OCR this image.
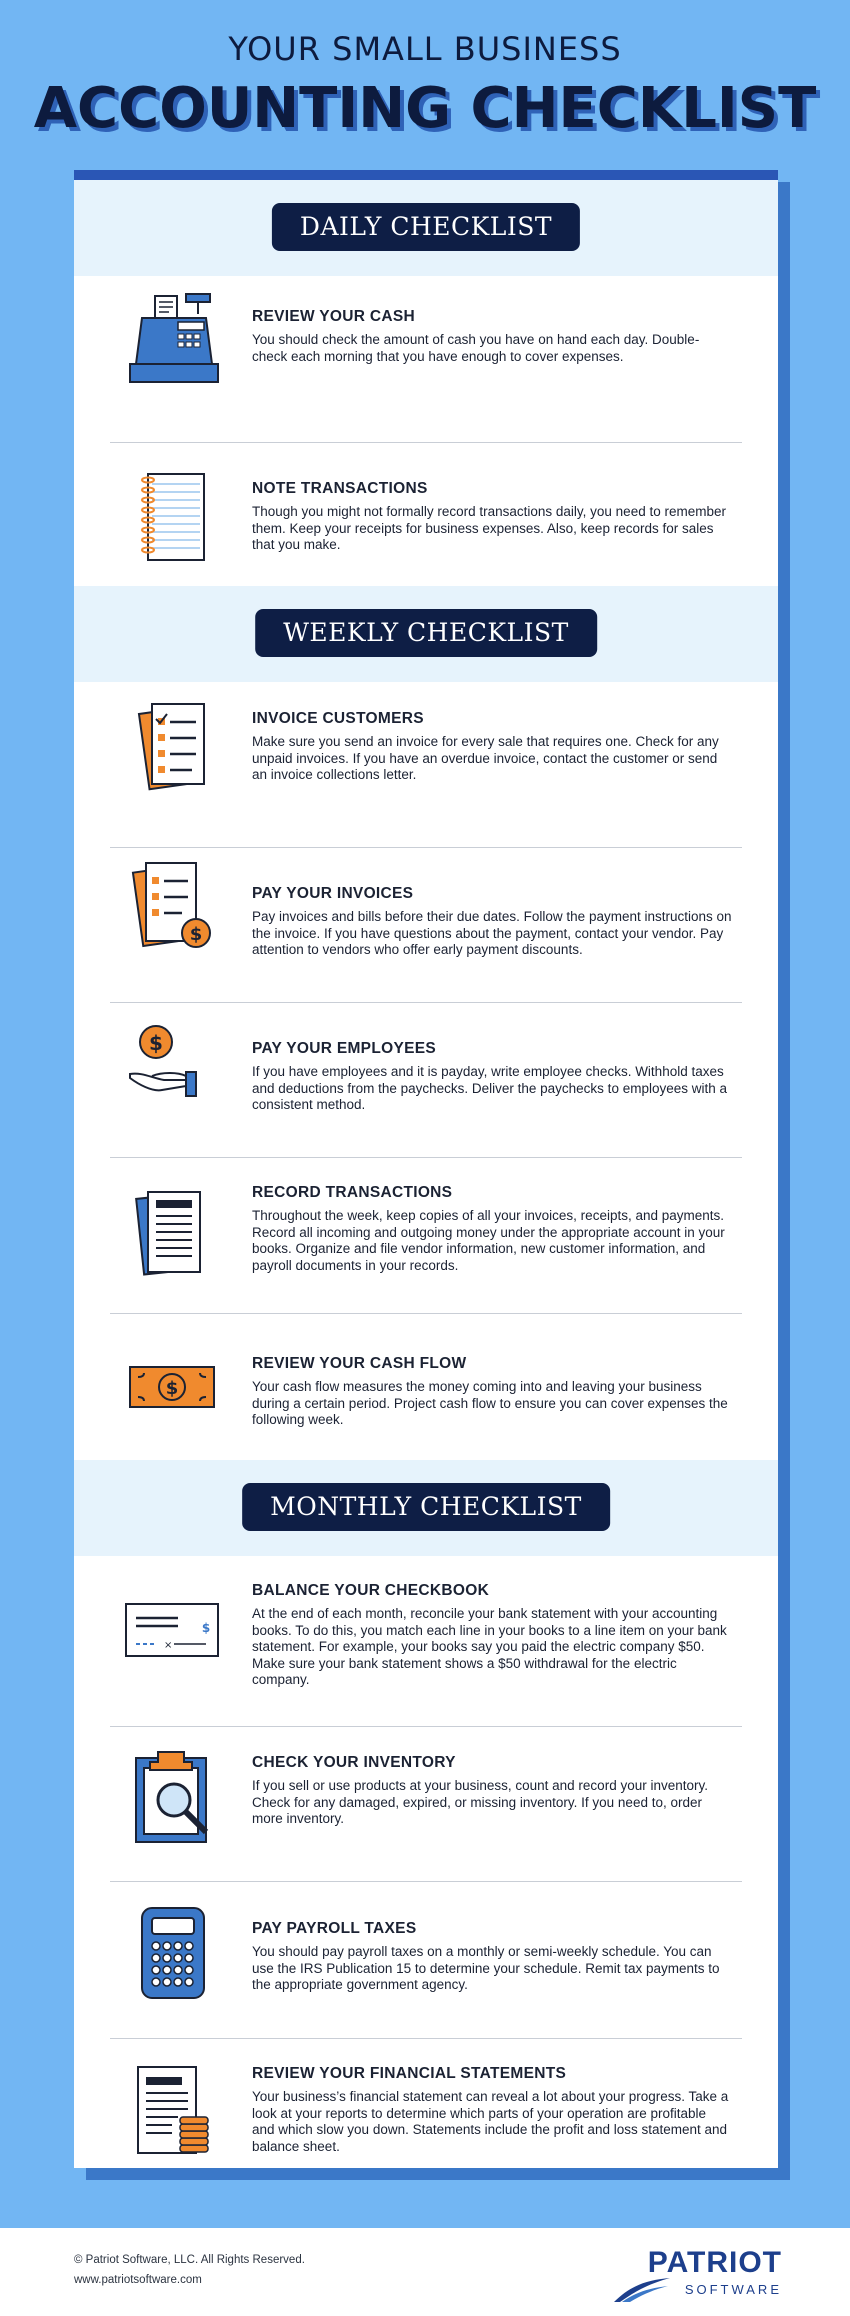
YOUR SMALL BUSINESS
ACCOUNTING CHECKLIST
DAILY CHECKLIST
REVIEW YOUR CASH

You should check the amount of cash you have on hand each day. Double-check each morning that you have enough to cover expenses.

NOTE TRANSACTIONS

Though you might not formally record transactions daily, you need to remember them. Keep your receipts for business expenses. Also, keep records for sales that you make.

WEEKLY CHECKLIST
INVOICE CUSTOMERS

Make sure you send an invoice for every sale that requires one. Check for any unpaid invoices. If you have an overdue invoice, contact the customer or send an invoice collections letter.

$
PAY YOUR INVOICES

Pay invoices and bills before their due dates. Follow the payment instructions on the invoice. If you have questions about the payment, contact your vendor. Pay attention to vendors who offer early payment discounts.

$	PAY YOUR EMPLOYEES

If you have employees and it is payday, write employee checks. Withhold taxes and deductions from the paychecks. Deliver the paychecks to employees with a consistent method.

RECORD TRANSACTIONS

Throughout the week, keep copies of all your invoices, receipts, and payments. Record all incoming and outgoing money under the appropriate account in your books. Organize and file vendor information, new customer information, and payroll documents in your records.

$
REVIEW YOUR CASH FLOW

Your cash flow measures the money coming into and leaving your business during a certain period. Project cash flow to ensure you can cover expenses the following week.

MONTHLY CHECKLIST
$
×
BALANCE YOUR CHECKBOOK

At the end of each month, reconcile your bank statement with your accounting books. To do this, you match each line in your books to a line item on your bank statement. For example, your books say you paid the electric company $50. Make sure your bank statement shows a $50 withdrawal for the electric company.

CHECK YOUR INVENTORY

If you sell or use products at your business, count and record your inventory. Check for any damaged, expired, or missing inventory. If you need to, order more inventory.

PAY PAYROLL TAXES

You should pay payroll taxes on a monthly or semi-weekly schedule. You can use the IRS Publication 15 to determine your schedule. Remit tax payments to the appropriate government agency.

REVIEW YOUR FINANCIAL STATEMENTS

Your business’s financial statement can reveal a lot about your progress. Take a look at your reports to determine which parts of your operation are profitable and which slow you down. Statements include the profit and loss statement and balance sheet.

© Patriot Software, LLC. All Rights Reserved.
www.patriotsoftware.com
PATRIOT
SOFTWARE
